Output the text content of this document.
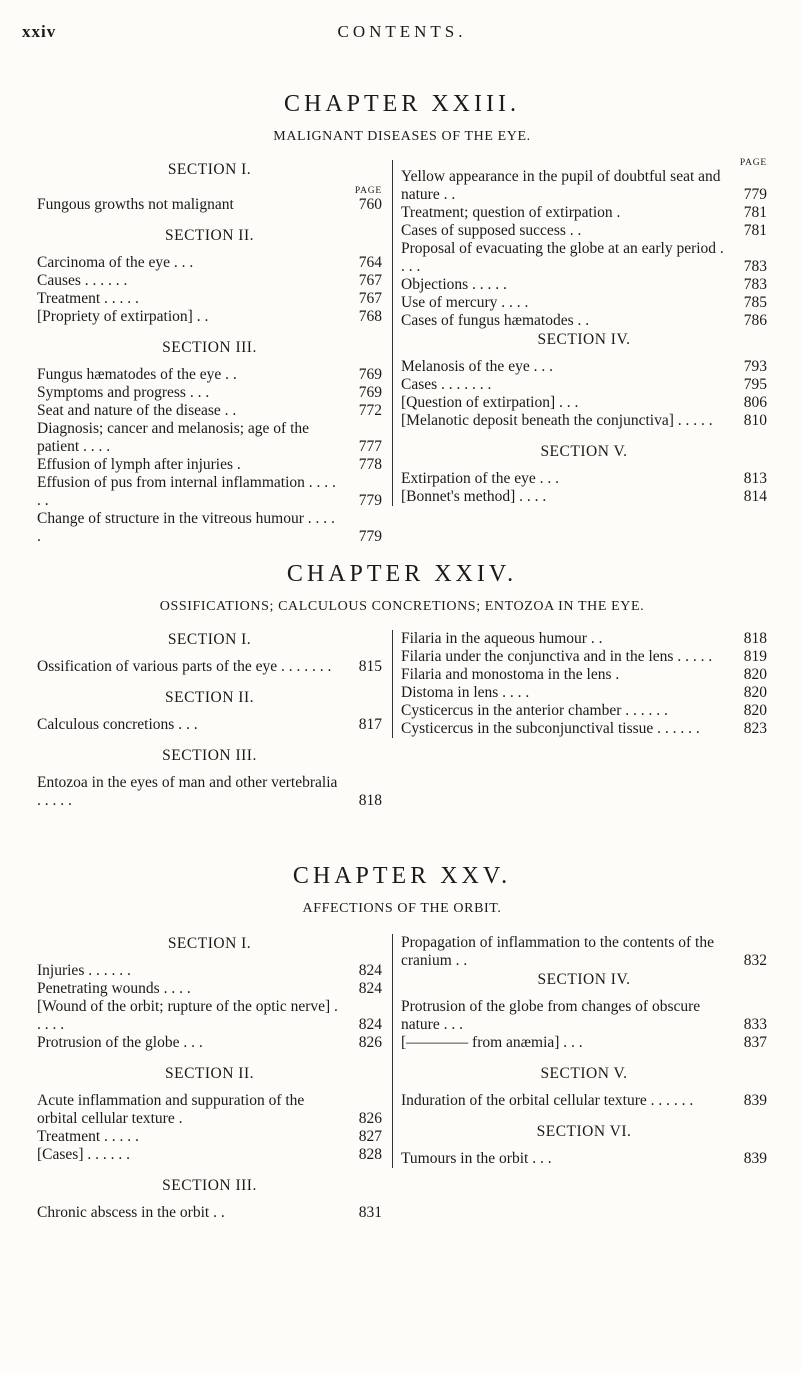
xxiv	CONTENTS.
CHAPTER XXIII.
MALIGNANT DISEASES OF THE EYE.
SECTION I.
PAGE
Fungous growths not malignant	760
SECTION II.
Carcinoma of the eye . . .	764
Causes . . . . . .	767
Treatment . . . . .	767
[Propriety of extirpation] . .	768
SECTION III.
Fungus hæmatodes of the eye . .	769
Symptoms and progress . . .	769
Seat and nature of the disease . .	772
Diagnosis; cancer and melanosis; age of the patient . . . .	777
Effusion of lymph after injuries .	778
Effusion of pus from internal inflammation . . . . . .	779
Change of structure in the vitreous humour . . . . .	779
PAGE
Yellow appearance in the pupil of doubtful seat and nature . .	779
Treatment; question of extirpation .	781
Cases of supposed success . .	781
Proposal of evacuating the globe at an early period . . . .	783
Objections . . . . .	783
Use of mercury . . . .	785
Cases of fungus hæmatodes . .	786
SECTION IV.
Melanosis of the eye . . .	793
Cases . . . . . . .	795
[Question of extirpation] . . .	806
[Melanotic deposit beneath the conjunctiva] . . . . .	810
SECTION V.
Extirpation of the eye . . .	813
[Bonnet's method] . . . .	814
CHAPTER XXIV.
OSSIFICATIONS; CALCULOUS CONCRETIONS; ENTOZOA IN THE EYE.
SECTION I.
Ossification of various parts of the eye . . . . . . .	815
SECTION II.
Calculous concretions . . .	817
SECTION III.
Entozoa in the eyes of man and other vertebralia . . . . .	818
Filaria in the aqueous humour . .	818
Filaria under the conjunctiva and in the lens . . . . .	819
Filaria and monostoma in the lens .	820
Distoma in lens . . . .	820
Cysticercus in the anterior chamber . . . . . .	820
Cysticercus in the subconjunctival tissue . . . . . .	823
CHAPTER XXV.
AFFECTIONS OF THE ORBIT.
SECTION I.
Injuries . . . . . .	824
Penetrating wounds . . . .	824
[Wound of the orbit; rupture of the optic nerve] . . . . .	824
Protrusion of the globe . . .	826
SECTION II.
Acute inflammation and suppuration of the orbital cellular texture .	826
Treatment . . . . .	827
[Cases] . . . . . .	828
SECTION III.
Chronic abscess in the orbit . .	831
Propagation of inflammation to the contents of the cranium . .	832
SECTION IV.
Protrusion of the globe from changes of obscure nature . . .	833
[———— from anæmia] . . .	837
SECTION V.
Induration of the orbital cellular texture . . . . . .	839
SECTION VI.
Tumours in the orbit . . .	839
